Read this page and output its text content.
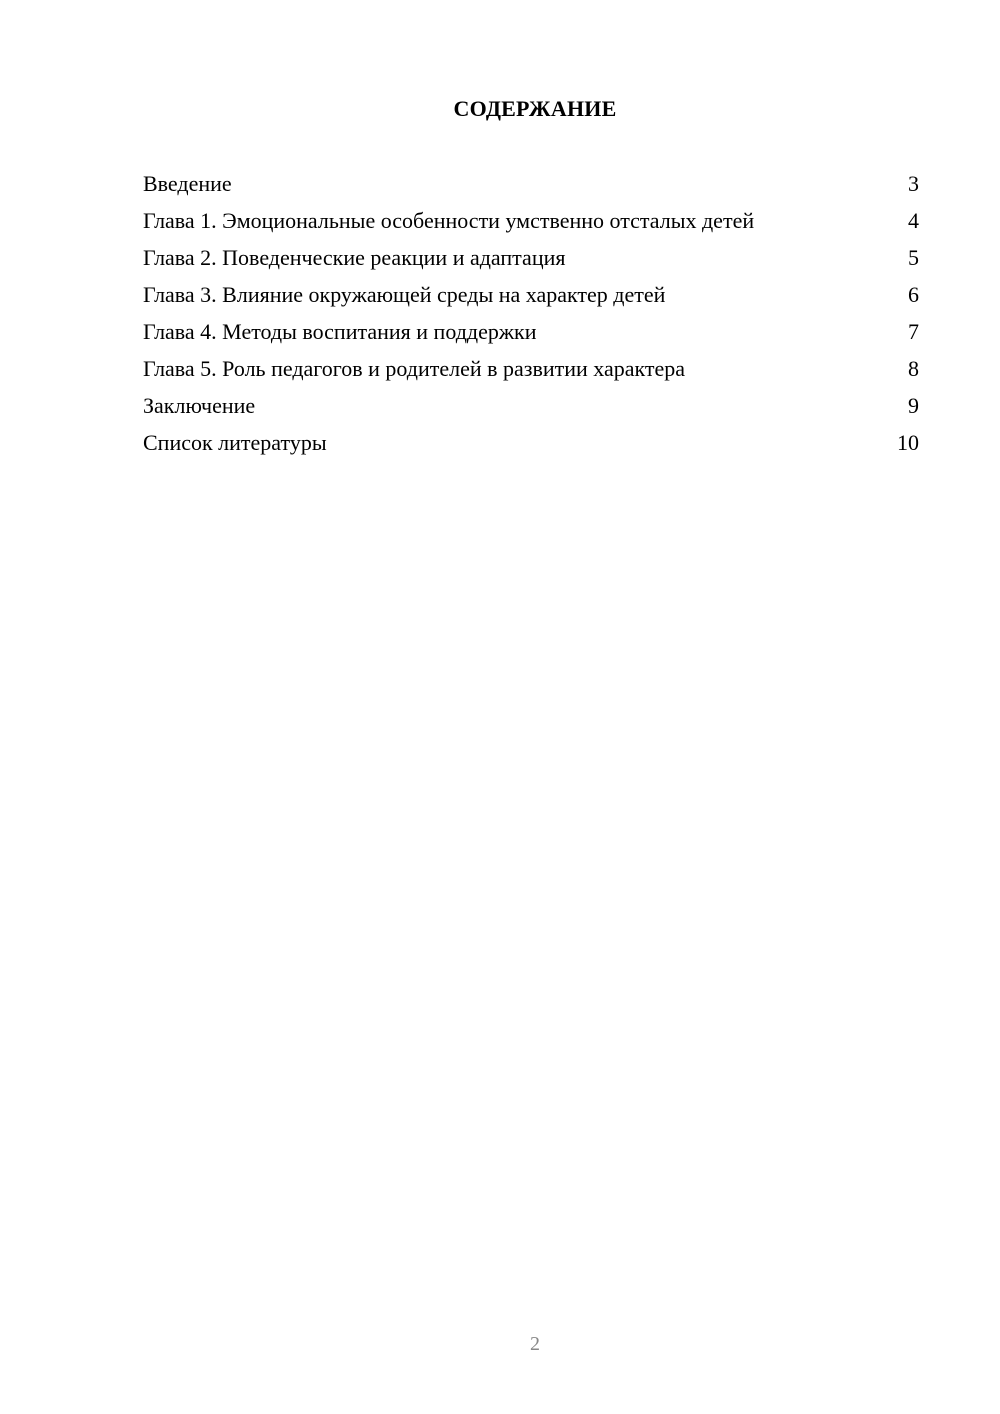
СОДЕРЖАНИЕ
Введение	3
Глава 1. Эмоциональные особенности умственно отсталых детей	4
Глава 2. Поведенческие реакции и адаптация	5
Глава 3. Влияние окружающей среды на характер детей	6
Глава 4. Методы воспитания и поддержки	7
Глава 5. Роль педагогов и родителей в развитии характера	8
Заключение	9
Список литературы	10
2
